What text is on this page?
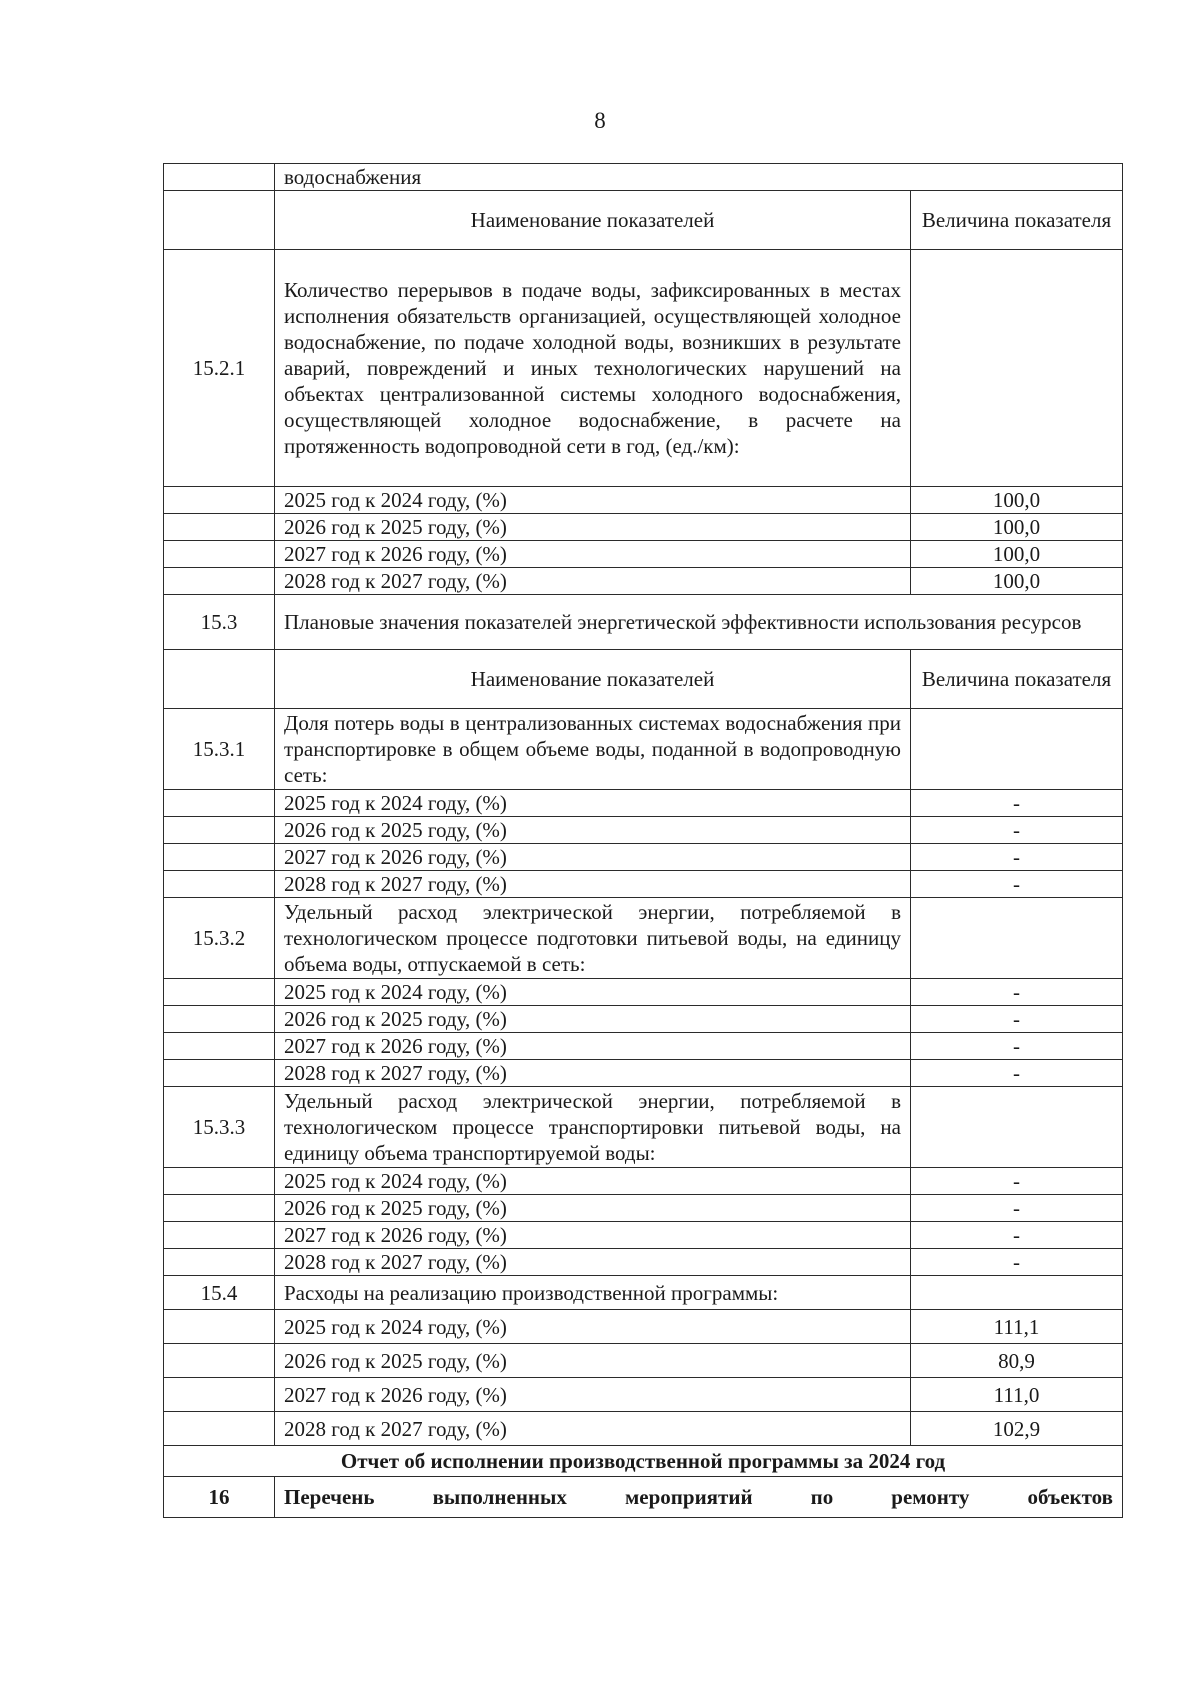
8
	водоснабжения	
	Наименование показателей	Величина показателя
15.2.1	Количество перерывов в подаче воды, зафиксированных в местах исполнения обязательств организацией, осуществляющей холодное водоснабжение, по подаче холодной воды, возникших в результате аварий, повреждений и иных технологических нарушений на объектах централизованной системы холодного водоснабжения, осуществляющей холодное водоснабжение, в расчете на протяженность водопроводной сети в год, (ед./км):	
	2025 год к 2024 году, (%)	100,0
	2026 год к 2025 году, (%)	100,0
	2027 год к 2026 году, (%)	100,0
	2028 год к 2027 году, (%)	100,0
15.3	Плановые значения показателей энергетической эффективности использования ресурсов	
	Наименование показателей	Величина показателя
15.3.1	Доля потерь воды в централизованных системах водоснабжения при транспортировке в общем объеме воды, поданной в водопроводную сеть:	
	2025 год к 2024 году, (%)	-
	2026 год к 2025 году, (%)	-
	2027 год к 2026 году, (%)	-
	2028 год к 2027 году, (%)	-
15.3.2	Удельный расход электрической энергии, потребляемой в технологическом процессе подготовки питьевой воды, на единицу объема воды, отпускаемой в сеть:	
	2025 год к 2024 году, (%)	-
	2026 год к 2025 году, (%)	-
	2027 год к 2026 году, (%)	-
	2028 год к 2027 году, (%)	-
15.3.3	Удельный расход электрической энергии, потребляемой в технологическом процессе транспортировки питьевой воды, на единицу объема транспортируемой воды:	
	2025 год к 2024 году, (%)	-
	2026 год к 2025 году, (%)	-
	2027 год к 2026 году, (%)	-
	2028 год к 2027 году, (%)	-
15.4	Расходы на реализацию производственной программы:	
	2025 год к 2024 году, (%)	111,1
	2026 год к 2025 году, (%)	80,9
	2027 год к 2026 году, (%)	111,0
	2028 год к 2027 году, (%)	102,9
Отчет об исполнении производственной программы за 2024 год		
16	Перечень выполненных мероприятий по ремонту объектов	
